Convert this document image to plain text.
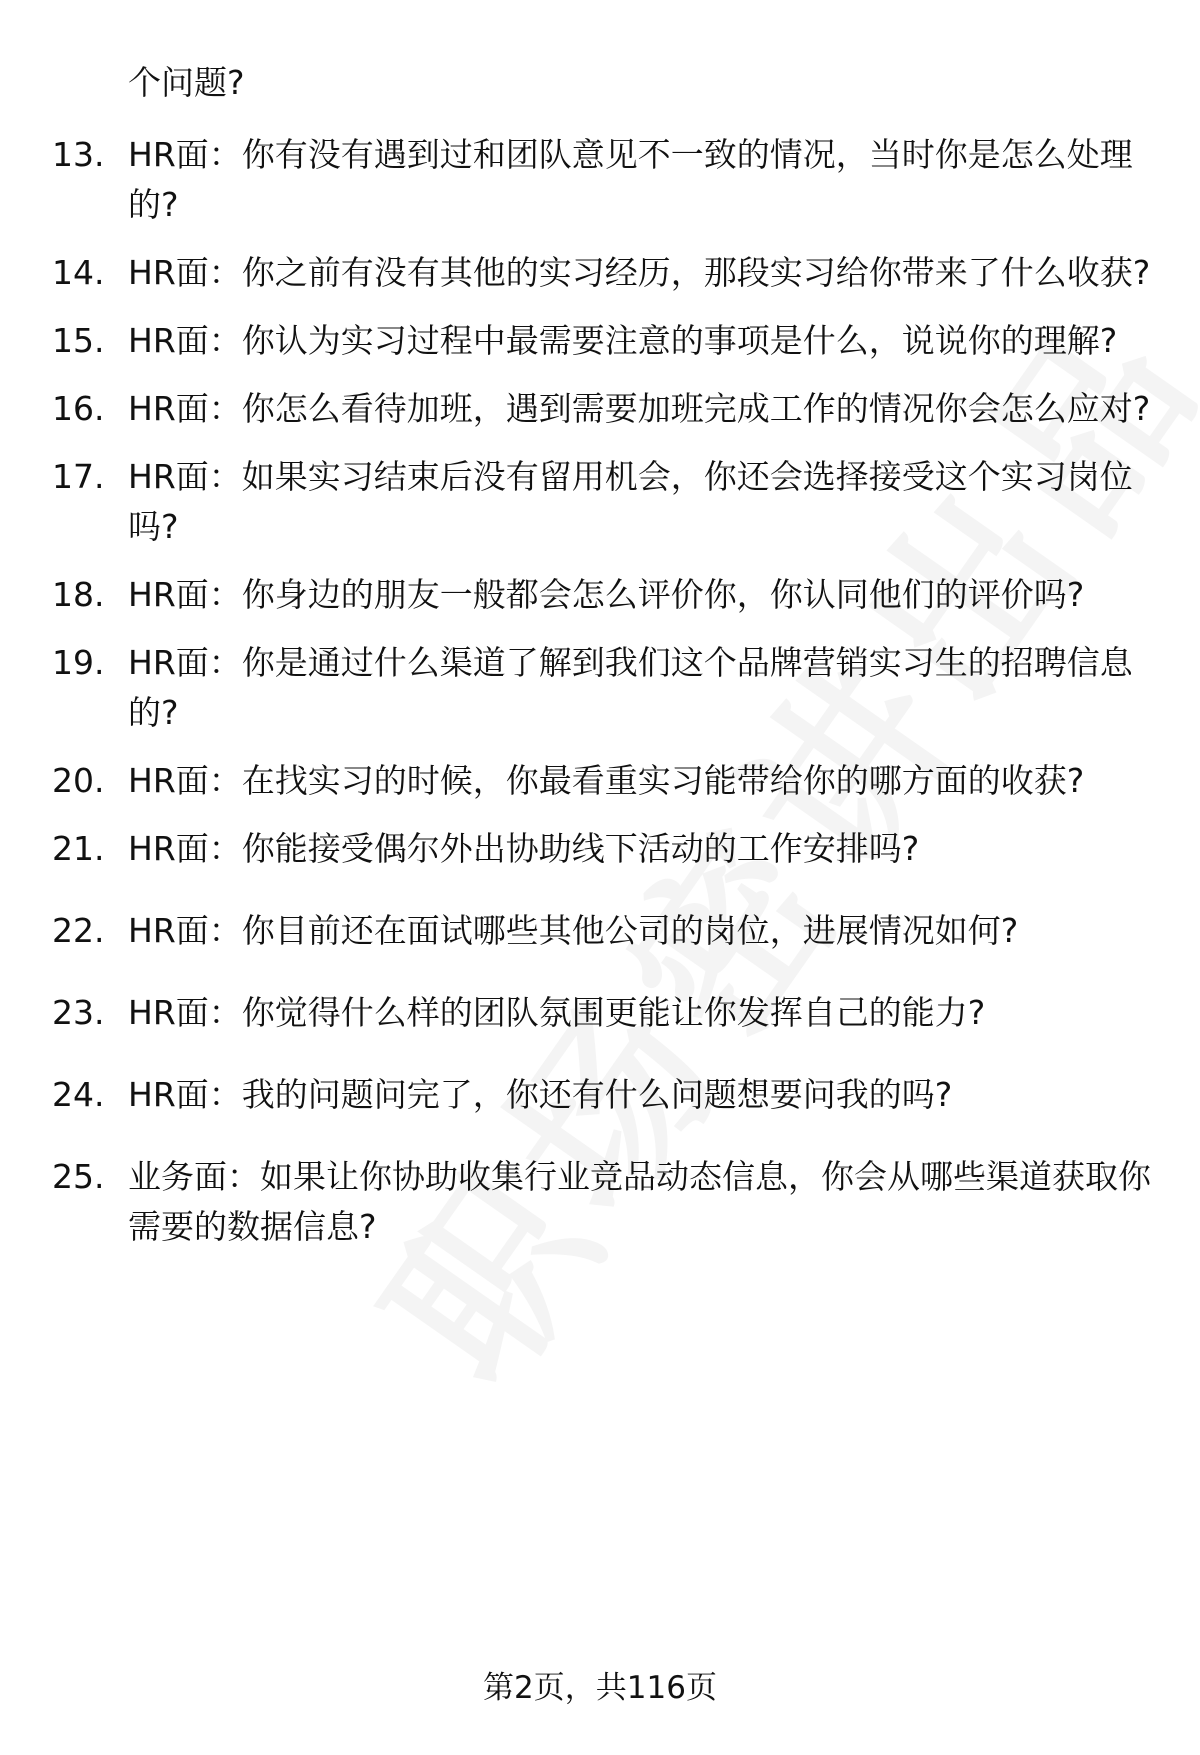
个问题?
13. HR面：你有没有遇到过和团队意见不一致的情况，当时你是怎么处理的?
14. HR面：你之前有没有其他的实习经历，那段实习给你带来了什么收获?
15. HR面：你认为实习过程中最需要注意的事项是什么，说说你的理解?
16. HR面：你怎么看待加班，遇到需要加班完成工作的情况你会怎么应对?
17. HR面：如果实习结束后没有留用机会，你还会选择接受这个实习岗位吗?
18. HR面：你身边的朋友一般都会怎么评价你，你认同他们的评价吗?
19. HR面：你是通过什么渠道了解到我们这个品牌营销实习生的招聘信息的?
20. HR面：在找实习的时候，你最看重实习能带给你的哪方面的收获?
21. HR面：你能接受偶尔外出协助线下活动的工作安排吗?
22. HR面：你目前还在面试哪些其他公司的岗位，进展情况如何?
23. HR面：你觉得什么样的团队氛围更能让你发挥自己的能力?
24. HR面：我的问题问完了，你还有什么问题想要问我的吗?
25. 业务面：如果让你协助收集行业竞品动态信息，你会从哪些渠道获取你需要的数据信息?
第2页，共116页
